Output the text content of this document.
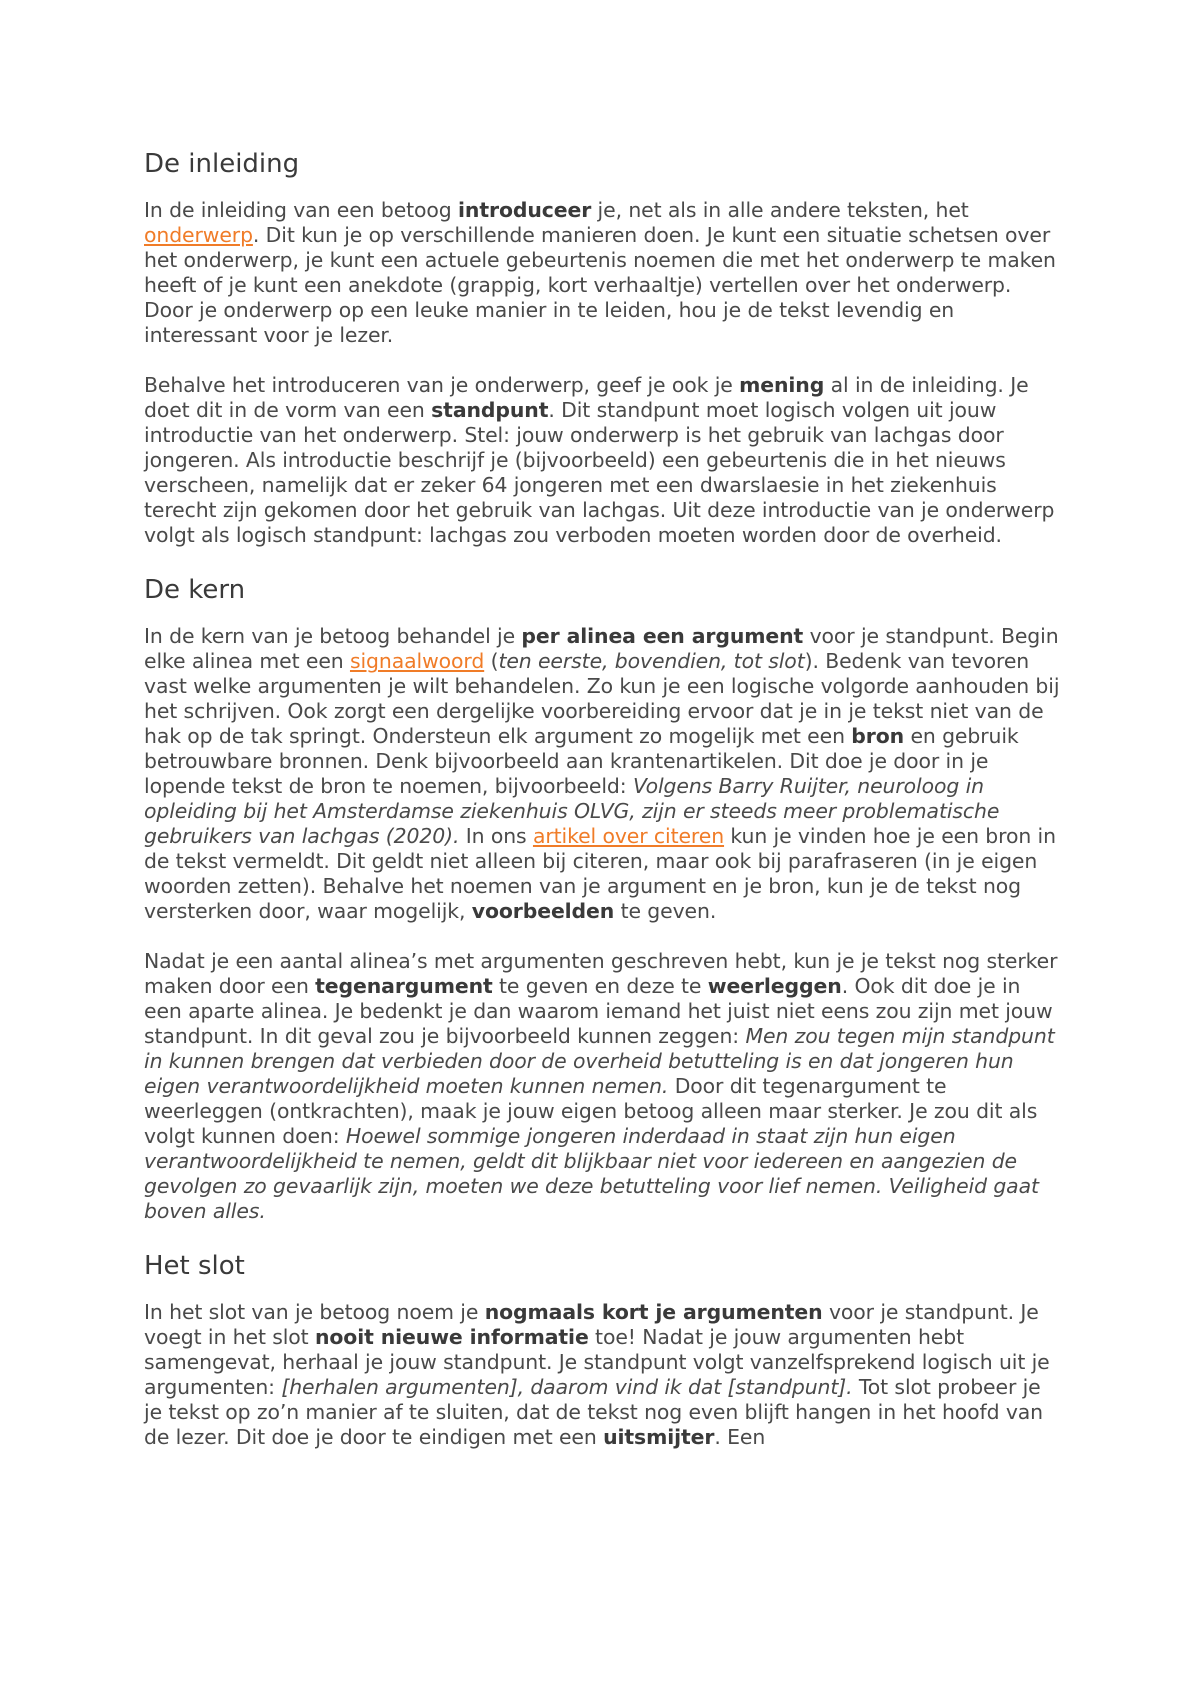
De inleiding

In de inleiding van een betoog introduceer je, net als in alle andere teksten, het onderwerp. Dit kun je op verschillende manieren doen. Je kunt een situatie schetsen over het onderwerp, je kunt een actuele gebeurtenis noemen die met het onderwerp te maken heeft of je kunt een anekdote (grappig, kort verhaaltje) vertellen over het onderwerp. Door je onderwerp op een leuke manier in te leiden, hou je de tekst levendig en interessant voor je lezer.

Behalve het introduceren van je onderwerp, geef je ook je mening al in de inleiding. Je doet dit in de vorm van een standpunt. Dit standpunt moet logisch volgen uit jouw introductie van het onderwerp. Stel: jouw onderwerp is het gebruik van lachgas door jongeren. Als introductie beschrijf je (bijvoorbeeld) een gebeurtenis die in het nieuws verscheen, namelijk dat er zeker 64 jongeren met een dwarslaesie in het ziekenhuis terecht zijn gekomen door het gebruik van lachgas. Uit deze introductie van je onderwerp volgt als logisch standpunt: lachgas zou verboden moeten worden door de overheid.

De kern

In de kern van je betoog behandel je per alinea een argument voor je standpunt. Begin elke alinea met een signaalwoord (ten eerste, bovendien, tot slot). Bedenk van tevoren vast welke argumenten je wilt behandelen. Zo kun je een logische volgorde aanhouden bij het schrijven. Ook zorgt een dergelijke voorbereiding ervoor dat je in je tekst niet van de hak op de tak springt. Ondersteun elk argument zo mogelijk met een bron en gebruik betrouwbare bronnen. Denk bijvoorbeeld aan krantenartikelen. Dit doe je door in je lopende tekst de bron te noemen, bijvoorbeeld: Volgens Barry Ruijter, neuroloog in opleiding bij het Amsterdamse ziekenhuis OLVG, zijn er steeds meer problematische gebruikers van lachgas (2020). In ons artikel over citeren kun je vinden hoe je een bron in de tekst vermeldt. Dit geldt niet alleen bij citeren, maar ook bij parafraseren (in je eigen woorden zetten). Behalve het noemen van je argument en je bron, kun je de tekst nog versterken door, waar mogelijk, voorbeelden te geven.

Nadat je een aantal alinea’s met argumenten geschreven hebt, kun je je tekst nog sterker maken door een tegenargument te geven en deze te weerleggen. Ook dit doe je in een aparte alinea. Je bedenkt je dan waarom iemand het juist niet eens zou zijn met jouw standpunt. In dit geval zou je bijvoorbeeld kunnen zeggen: Men zou tegen mijn standpunt in kunnen brengen dat verbieden door de overheid betutteling is en dat jongeren hun eigen verantwoordelijkheid moeten kunnen nemen. Door dit tegenargument te weerleggen (ontkrachten), maak je jouw eigen betoog alleen maar sterker. Je zou dit als volgt kunnen doen: Hoewel sommige jongeren inderdaad in staat zijn hun eigen verantwoordelijkheid te nemen, geldt dit blijkbaar niet voor iedereen en aangezien de gevolgen zo gevaarlijk zijn, moeten we deze betutteling voor lief nemen. Veiligheid gaat boven alles.

Het slot

In het slot van je betoog noem je nogmaals kort je argumenten voor je standpunt. Je voegt in het slot nooit nieuwe informatie toe! Nadat je jouw argumenten hebt samengevat, herhaal je jouw standpunt. Je standpunt volgt vanzelfsprekend logisch uit je argumenten: [herhalen argumenten], daarom vind ik dat [standpunt]. Tot slot probeer je je tekst op zo’n manier af te sluiten, dat de tekst nog even blijft hangen in het hoofd van de lezer. Dit doe je door te eindigen met een uitsmijter. Een
